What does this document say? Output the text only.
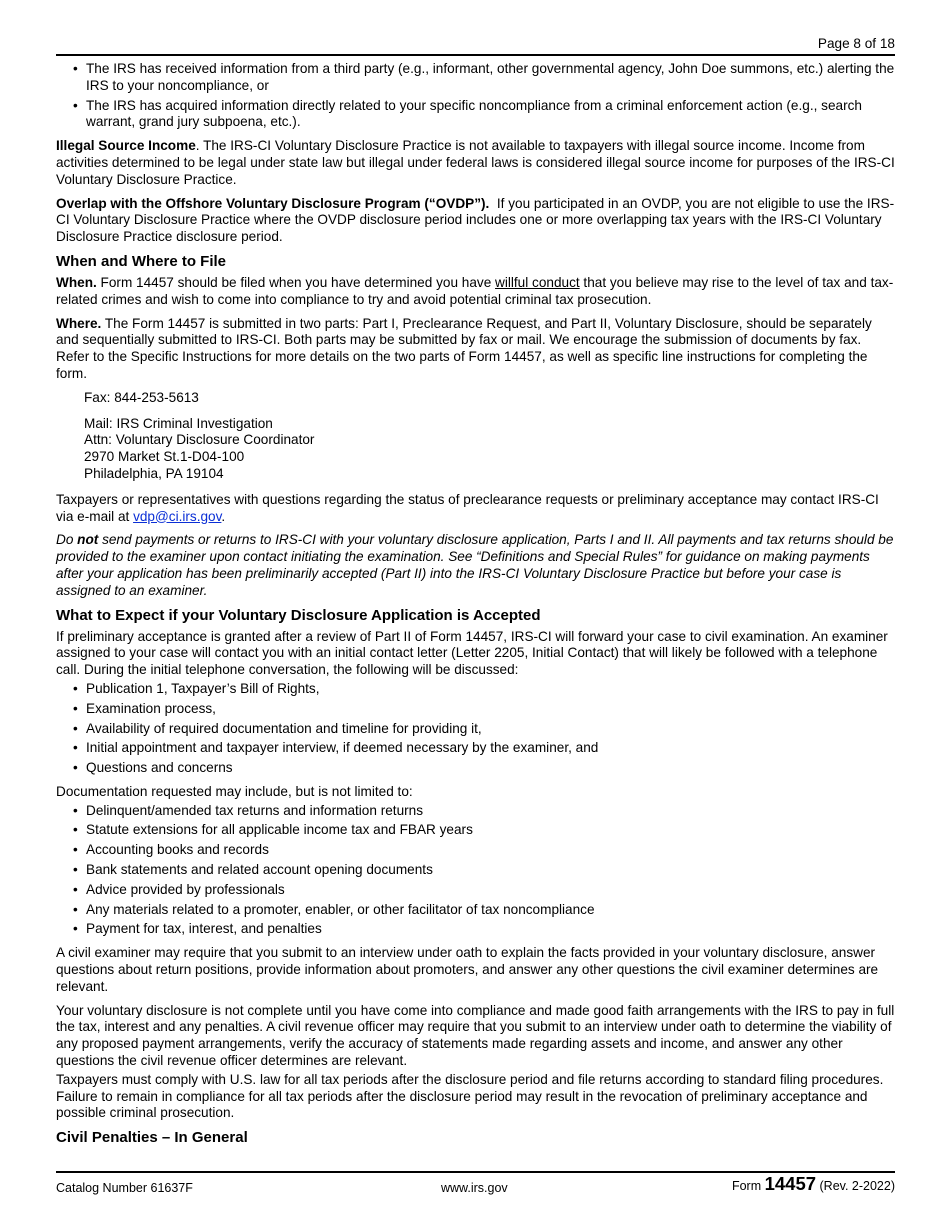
Page 8 of 18
• The IRS has received information from a third party (e.g., informant, other governmental agency, John Doe summons, etc.) alerting the IRS to your noncompliance, or
• The IRS has acquired information directly related to your specific noncompliance from a criminal enforcement action (e.g., search warrant, grand jury subpoena, etc.).

Illegal Source Income. The IRS-CI Voluntary Disclosure Practice is not available to taxpayers with illegal source income. Income from activities determined to be legal under state law but illegal under federal laws is considered illegal source income for purposes of the IRS-CI Voluntary Disclosure Practice.

Overlap with the Offshore Voluntary Disclosure Program (“OVDP”).  If you participated in an OVDP, you are not eligible to use the IRS-CI Voluntary Disclosure Practice where the OVDP disclosure period includes one or more overlapping tax years with the IRS-CI Voluntary Disclosure Practice disclosure period.

When and Where to File

When. Form 14457 should be filed when you have determined you have willful conduct that you believe may rise to the level of tax and tax-related crimes and wish to come into compliance to try and avoid potential criminal tax prosecution.

Where. The Form 14457 is submitted in two parts: Part I, Preclearance Request, and Part II, Voluntary Disclosure, should be separately and sequentially submitted to IRS-CI. Both parts may be submitted by fax or mail. We encourage the submission of documents by fax. Refer to the Specific Instructions for more details on the two parts of Form 14457, as well as specific line instructions for completing the form.

Fax: 844-253-5613
Mail: IRS Criminal Investigation
Attn: Voluntary Disclosure Coordinator
2970 Market St.1-D04-100
Philadelphia, PA 19104

Taxpayers or representatives with questions regarding the status of preclearance requests or preliminary acceptance may contact IRS-CI via e-mail at vdp@ci.irs.gov.

Do not send payments or returns to IRS-CI with your voluntary disclosure application, Parts I and II. All payments and tax returns should be provided to the examiner upon contact initiating the examination. See “Definitions and Special Rules” for guidance on making payments after your application has been preliminarily accepted (Part II) into the IRS-CI Voluntary Disclosure Practice but before your case is assigned to an examiner.

What to Expect if your Voluntary Disclosure Application is Accepted

If preliminary acceptance is granted after a review of Part II of Form 14457, IRS-CI will forward your case to civil examination. An examiner assigned to your case will contact you with an initial contact letter (Letter 2205, Initial Contact) that will likely be followed with a telephone call. During the initial telephone conversation, the following will be discussed:

• Publication 1, Taxpayer’s Bill of Rights,
• Examination process,
• Availability of required documentation and timeline for providing it,
• Initial appointment and taxpayer interview, if deemed necessary by the examiner, and
• Questions and concerns

Documentation requested may include, but is not limited to:

• Delinquent/amended tax returns and information returns
• Statute extensions for all applicable income tax and FBAR years
• Accounting books and records
• Bank statements and related account opening documents
• Advice provided by professionals
• Any materials related to a promoter, enabler, or other facilitator of tax noncompliance
• Payment for tax, interest, and penalties

A civil examiner may require that you submit to an interview under oath to explain the facts provided in your voluntary disclosure, answer questions about return positions, provide information about promoters, and answer any other questions the civil examiner determines are relevant.

Your voluntary disclosure is not complete until you have come into compliance and made good faith arrangements with the IRS to pay in full the tax, interest and any penalties. A civil revenue officer may require that you submit to an interview under oath to determine the viability of any proposed payment arrangements, verify the accuracy of statements made regarding assets and income, and answer any other questions the civil revenue officer determines are relevant.

Taxpayers must comply with U.S. law for all tax periods after the disclosure period and file returns according to standard filing procedures. Failure to remain in compliance for all tax periods after the disclosure period may result in the revocation of preliminary acceptance and possible criminal prosecution.

Civil Penalties – In General
Catalog Number 61637F	www.irs.gov	Form 14457 (Rev. 2-2022)
